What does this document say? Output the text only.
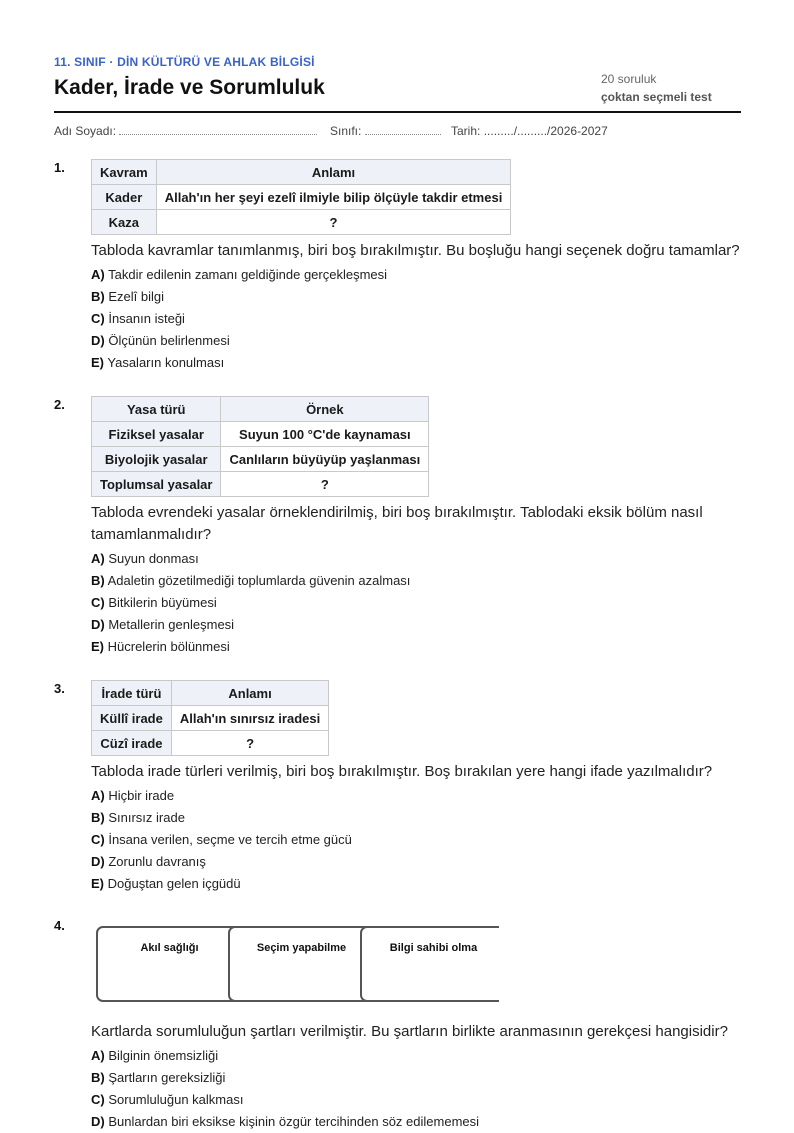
11. SINIF · DİN KÜLTÜRÜ VE AHLAK BİLGİSİ
Kader, İrade ve Sorumluluk	20 soruluk
çoktan seçmeli test
Adı Soyadı:	Sınıfı:	Tarih: ........./........./2026-2027
1.	Kavram	Anlamı
Kader	Allah'ın her şeyi ezelî ilmiyle bilip ölçüyle takdir etmesi
Kaza	?
Tabloda kavramlar tanımlanmış, biri boş bırakılmıştır. Bu boşluğu hangi seçenek doğru tamamlar?
A) Takdir edilenin zamanı geldiğinde gerçekleşmesi
B) Ezelî bilgi
C) İnsanın isteği
D) Ölçünün belirlenmesi
E) Yasaların konulması
2.	Yasa türü	Örnek
Fiziksel yasalar	Suyun 100 °C'de kaynaması
Biyolojik yasalar	Canlıların büyüyüp yaşlanması
Toplumsal yasalar	?
Tabloda evrendeki yasalar örneklendirilmiş, biri boş bırakılmıştır. Tablodaki eksik bölüm nasıl tamamlanmalıdır?
A) Suyun donması
B) Adaletin gözetilmediği toplumlarda güvenin azalması
C) Bitkilerin büyümesi
D) Metallerin genleşmesi
E) Hücrelerin bölünmesi
3.	İrade türü	Anlamı
Küllî irade	Allah'ın sınırsız iradesi
Cüzî irade	?
Tabloda irade türleri verilmiş, biri boş bırakılmıştır. Boş bırakılan yere hangi ifade yazılmalıdır?
A) Hiçbir irade
B) Sınırsız irade
C) İnsana verilen, seçme ve tercih etme gücü
D) Zorunlu davranış
E) Doğuştan gelen içgüdü
4.
Akıl sağlığı	Seçim yapabilme	Bilgi sahibi olma
Kartlarda sorumluluğun şartları verilmiştir. Bu şartların birlikte aranmasının gerekçesi hangisidir?
A) Bilginin önemsizliği
B) Şartların gereksizliği
C) Sorumluluğun kalkması
D) Bunlardan biri eksikse kişinin özgür tercihinden söz edilememesi
